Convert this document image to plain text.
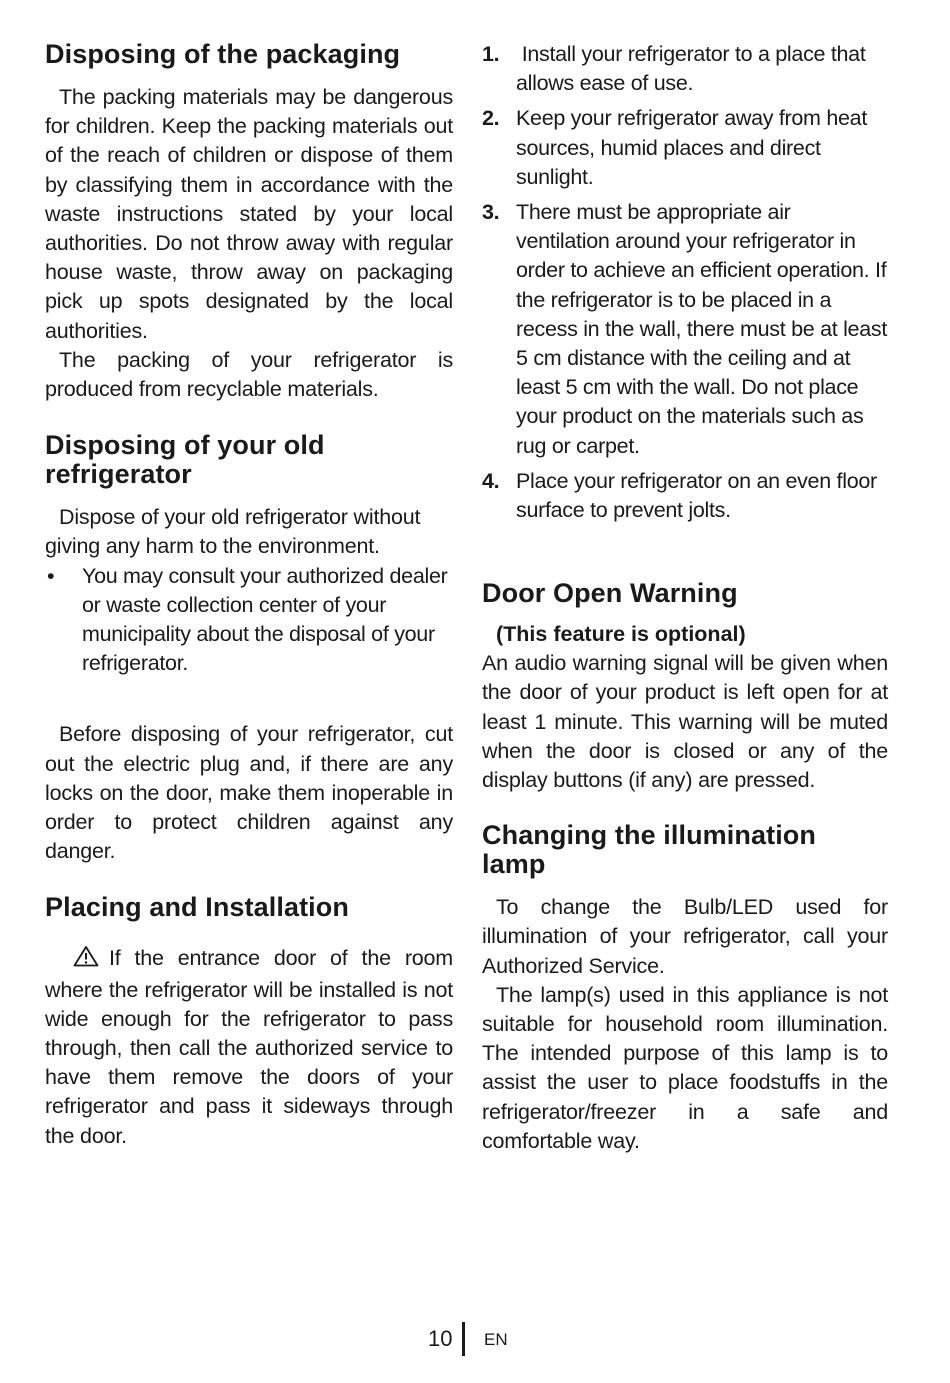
Disposing of the packaging

The packing materials may be dangerous for children. Keep the packing materials out of the reach of children or dispose of them by classifying them in accordance with the waste instructions stated by your local authorities. Do not throw away with regular house waste, throw away on packaging pick up spots designated by the local authorities.

The packing of your refrigerator is produced from recyclable materials.

Disposing of your old refrigerator

Dispose of your old refrigerator without giving any harm to the environment.

•	You may consult your authorized dealer or waste collection center of your municipality about the disposal of your refrigerator.

Before disposing of your refrigerator, cut out the electric plug and, if there are any locks on the door, make them inoperable in order to protect children against any danger.

Placing and Installation

If the entrance door of the room where the refrigerator will be installed is not wide enough for the refrigerator to pass through, then call the authorized service to have them remove the doors of your refrigerator and pass it sideways through the door.

1. Install your refrigerator to a place that allows ease of use.
2. Keep your refrigerator away from heat sources, humid places and direct sunlight.
3. There must be appropriate air ventilation around your refrigerator in order to achieve an efficient operation. If the refrigerator is to be placed in a recess in the wall, there must be at least 5 cm distance with the ceiling and at least 5 cm with the wall. Do not place your product on the materials such as rug or carpet.
4. Place your refrigerator on an even floor surface to prevent jolts.
Door Open Warning
(This feature is optional)

An audio warning signal will be given when the door of your product is left open for at least 1 minute. This warning will be muted when the door is closed or any of the display buttons (if any) are pressed.

Changing the illumination lamp

To change the Bulb/LED used for illumination of your refrigerator, call your Authorized Service.

The lamp(s) used in this appliance is not suitable for household room illumination. The intended purpose of this lamp is to assist the user to place foodstuffs in the refrigerator/freezer in a safe and comfortable way.

10 EN
